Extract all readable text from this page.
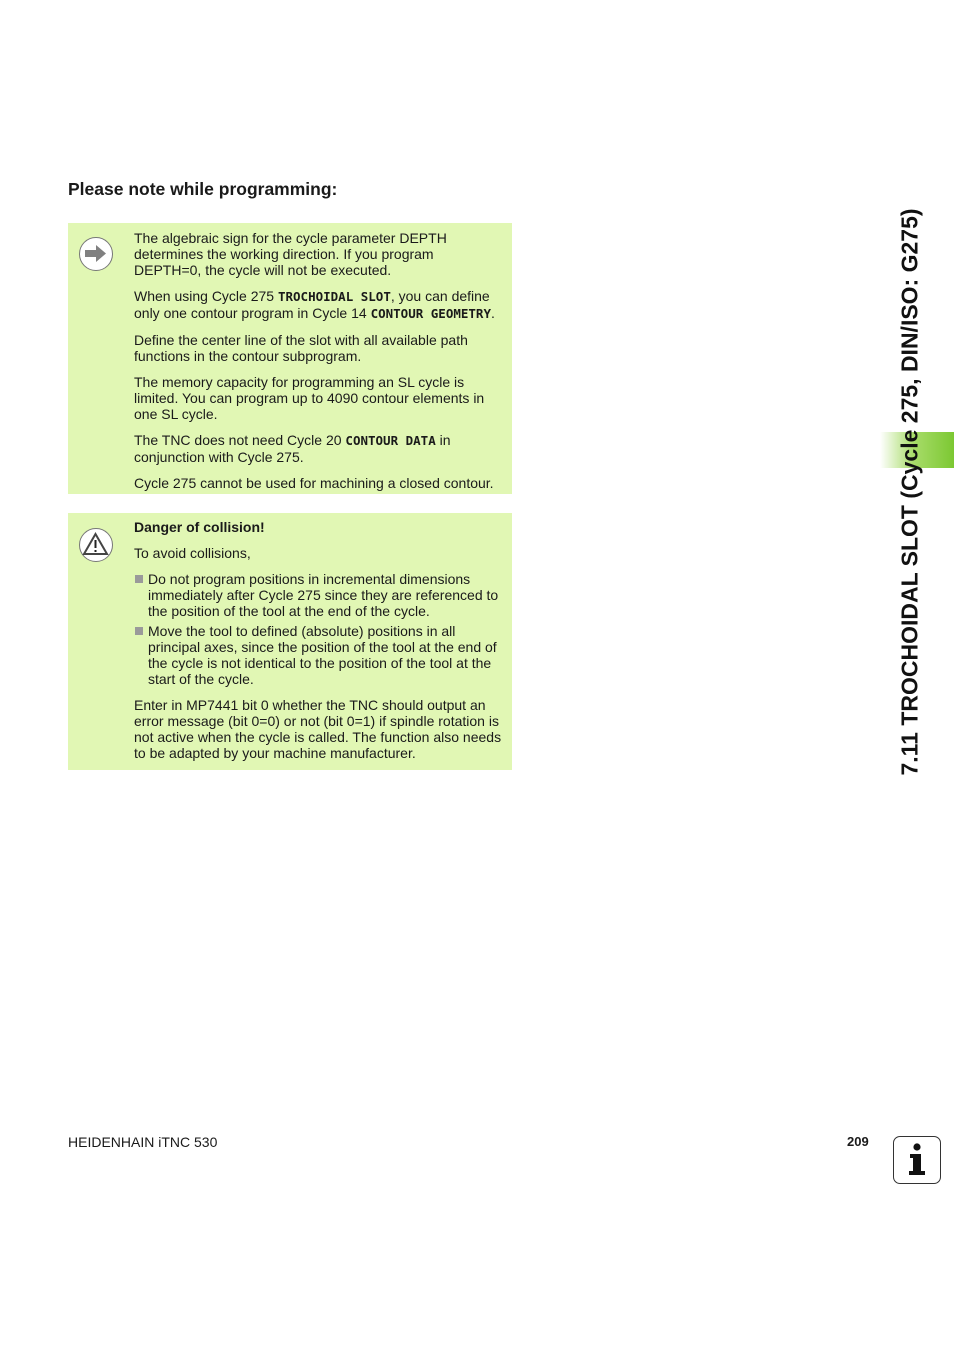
Please note while programming:

The algebraic sign for the cycle parameter DEPTH determines the working direction. If you program DEPTH=0, the cycle will not be executed.

When using Cycle 275 TROCHOIDAL SLOT, you can define only one contour program in Cycle 14 CONTOUR GEOMETRY.

Define the center line of the slot with all available path functions in the contour subprogram.

The memory capacity for programming an SL cycle is limited. You can program up to 4090 contour elements in one SL cycle.

The TNC does not need Cycle 20 CONTOUR DATA in conjunction with Cycle 275.

Cycle 275 cannot be used for machining a closed contour.

Danger of collision!

To avoid collisions,

Do not program positions in incremental dimensions immediately after Cycle 275 since they are referenced to the position of the tool at the end of the cycle.

Move the tool to defined (absolute) positions in all principal axes, since the position of the tool at the end of the cycle is not identical to the position of the tool at the start of the cycle.

Enter in MP7441 bit 0 whether the TNC should output an error message (bit 0=0) or not (bit 0=1) if spindle rotation is not active when the cycle is called. The function also needs to be adapted by your machine manufacturer.	7.11 TROCHOIDAL SLOT (Cycle 275, DIN/ISO: G275)
HEIDENHAIN iTNC 530	209
